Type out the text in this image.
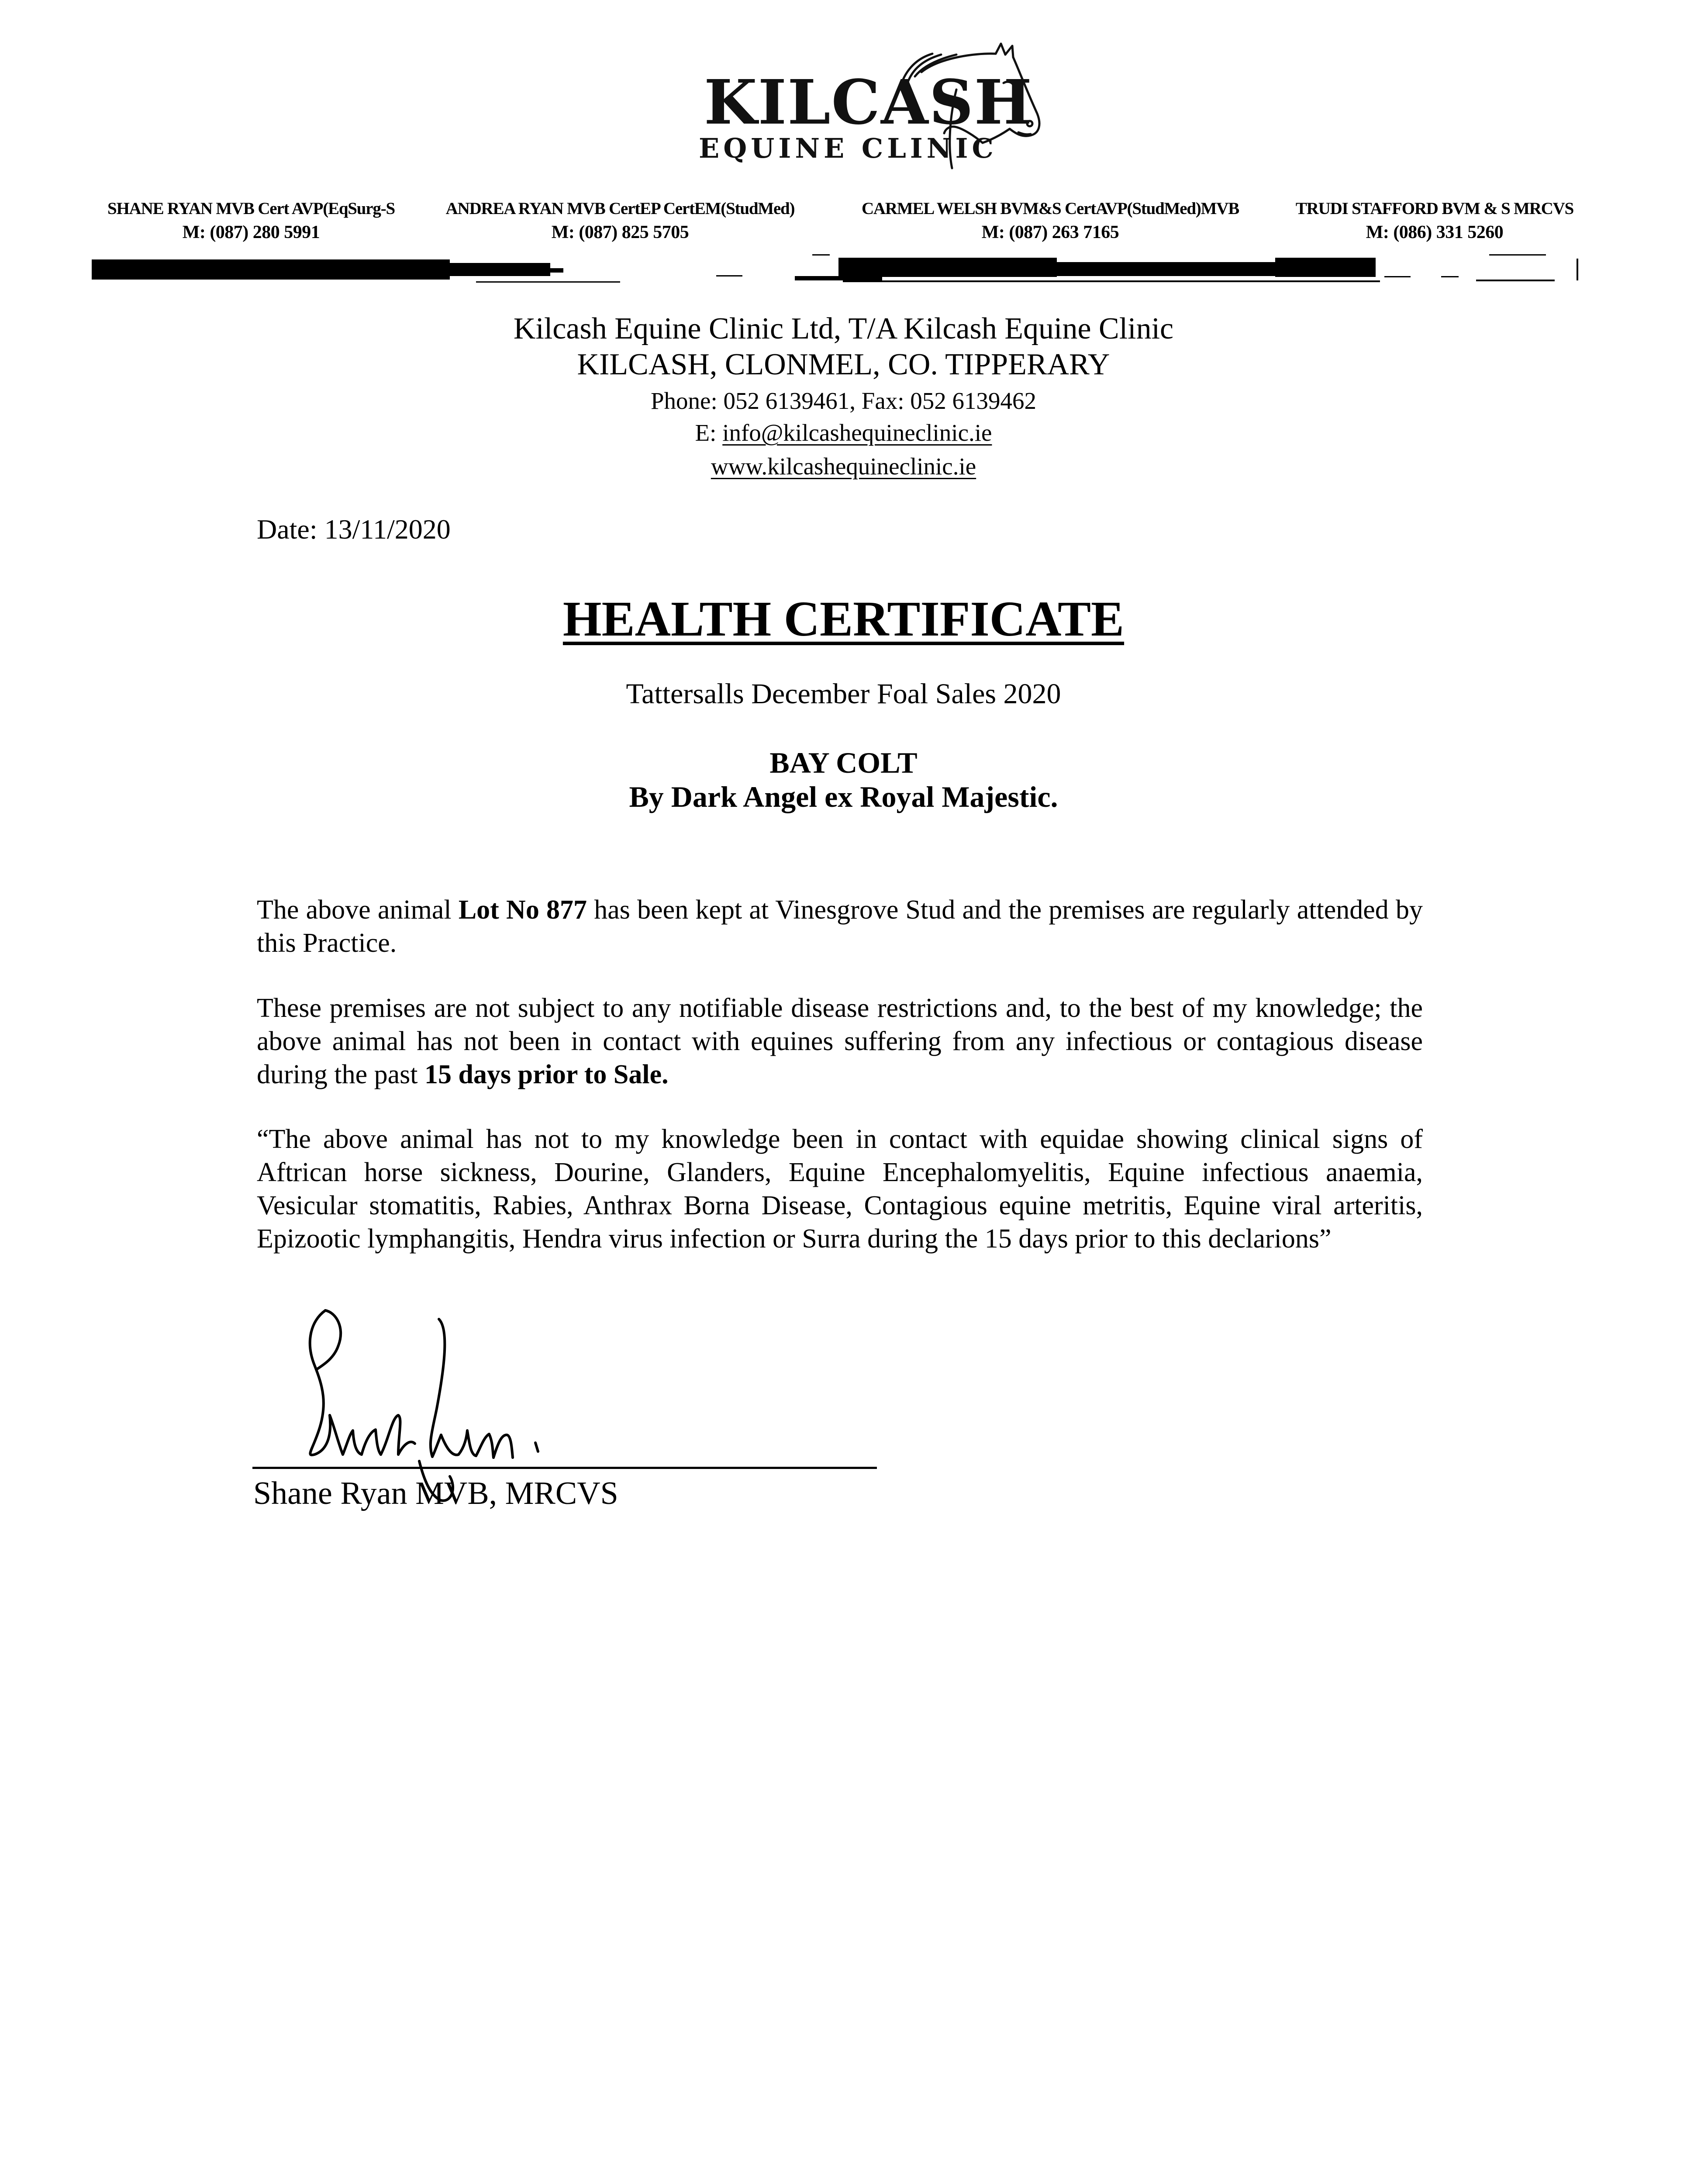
KILCASH
EQUINE CLINIC
SHANE RYAN MVB Cert AVP(EqSurg-S
M: (087) 280 5991
ANDREA RYAN MVB CertEP CertEM(StudMed)
M: (087) 825 5705
CARMEL WELSH BVM&S CertAVP(StudMed)MVB
M: (087) 263 7165
TRUDI STAFFORD BVM & S MRCVS
M: (086) 331 5260
Kilcash Equine Clinic Ltd, T/A Kilcash Equine Clinic
KILCASH, CLONMEL, CO. TIPPERARY
Phone: 052 6139461, Fax: 052 6139462
E: info@kilcashequineclinic.ie
www.kilcashequineclinic.ie
Date: 13/11/2020
HEALTH CERTIFICATE
Tattersalls December Foal Sales 2020
BAY COLT
By Dark Angel ex Royal Majestic.
The above animal Lot No 877 has been kept at Vinesgrove Stud and the premises are regularly attended by this Practice.
These premises are not subject to any notifiable disease restrictions and, to the best of my knowledge; the above animal has not been in contact with equines suffering from any infectious or contagious disease during the past 15 days prior to Sale.
“The above animal has not to my knowledge been in contact with equidae showing clinical signs of Aftrican horse sickness, Dourine, Glanders, Equine Encephalomyelitis, Equine infectious anaemia, Vesicular stomatitis, Rabies, Anthrax Borna Disease, Contagious equine metritis, Equine viral arteritis, Epizootic lymphangitis, Hendra virus infection or Surra during the 15 days prior to this declarions”
Shane Ryan MVB, MRCVS
